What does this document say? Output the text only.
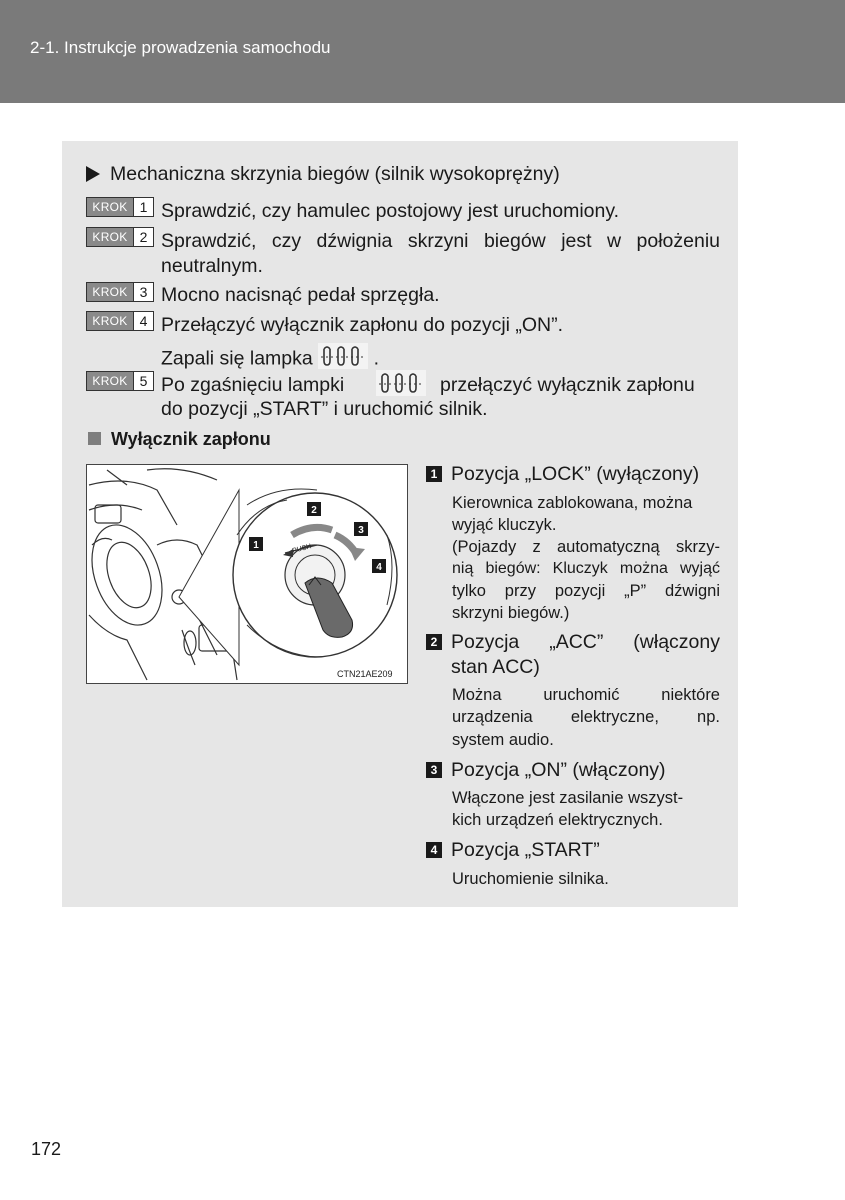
2-1. Instrukcje prowadzenia samochodu
Mechaniczna skrzynia biegów (silnik wysokoprężny)
KROK 1 Sprawdzić, czy hamulec postojowy jest uruchomiony.
KROK 2 Sprawdzić, czy dźwignia skrzyni biegów jest w położeniu
neutralnym.
KROK 3 Mocno nacisnąć pedał sprzęgła.
KROK 4 Przełączyć wyłącznik zapłonu do pozycji „ON”.
Zapali się lampka	.
KROK 5 Po zgaśnięciu lampki	przełączyć wyłącznik zapłonu
do pozycji „START” i uruchomić silnik.
Wyłącznik zapłonu
PUSH
1
2
3
4
CTN21AE209
1 Pozycja „LOCK” (wyłączony)
Kierownica zablokowana, można
wyjąć kluczyk.
(Pojazdy z automatyczną skrzy-
nią biegów: Kluczyk można wyjąć
tylko przy pozycji „P” dźwigni
skrzyni biegów.)
2 Pozycja „ACC” (włączony
stan ACC)
Można uruchomić niektóre
urządzenia elektryczne, np.
system audio.
3 Pozycja „ON” (włączony)
Włączone jest zasilanie wszyst-
kich urządzeń elektrycznych.
4 Pozycja „START”
Uruchomienie silnika.
172
